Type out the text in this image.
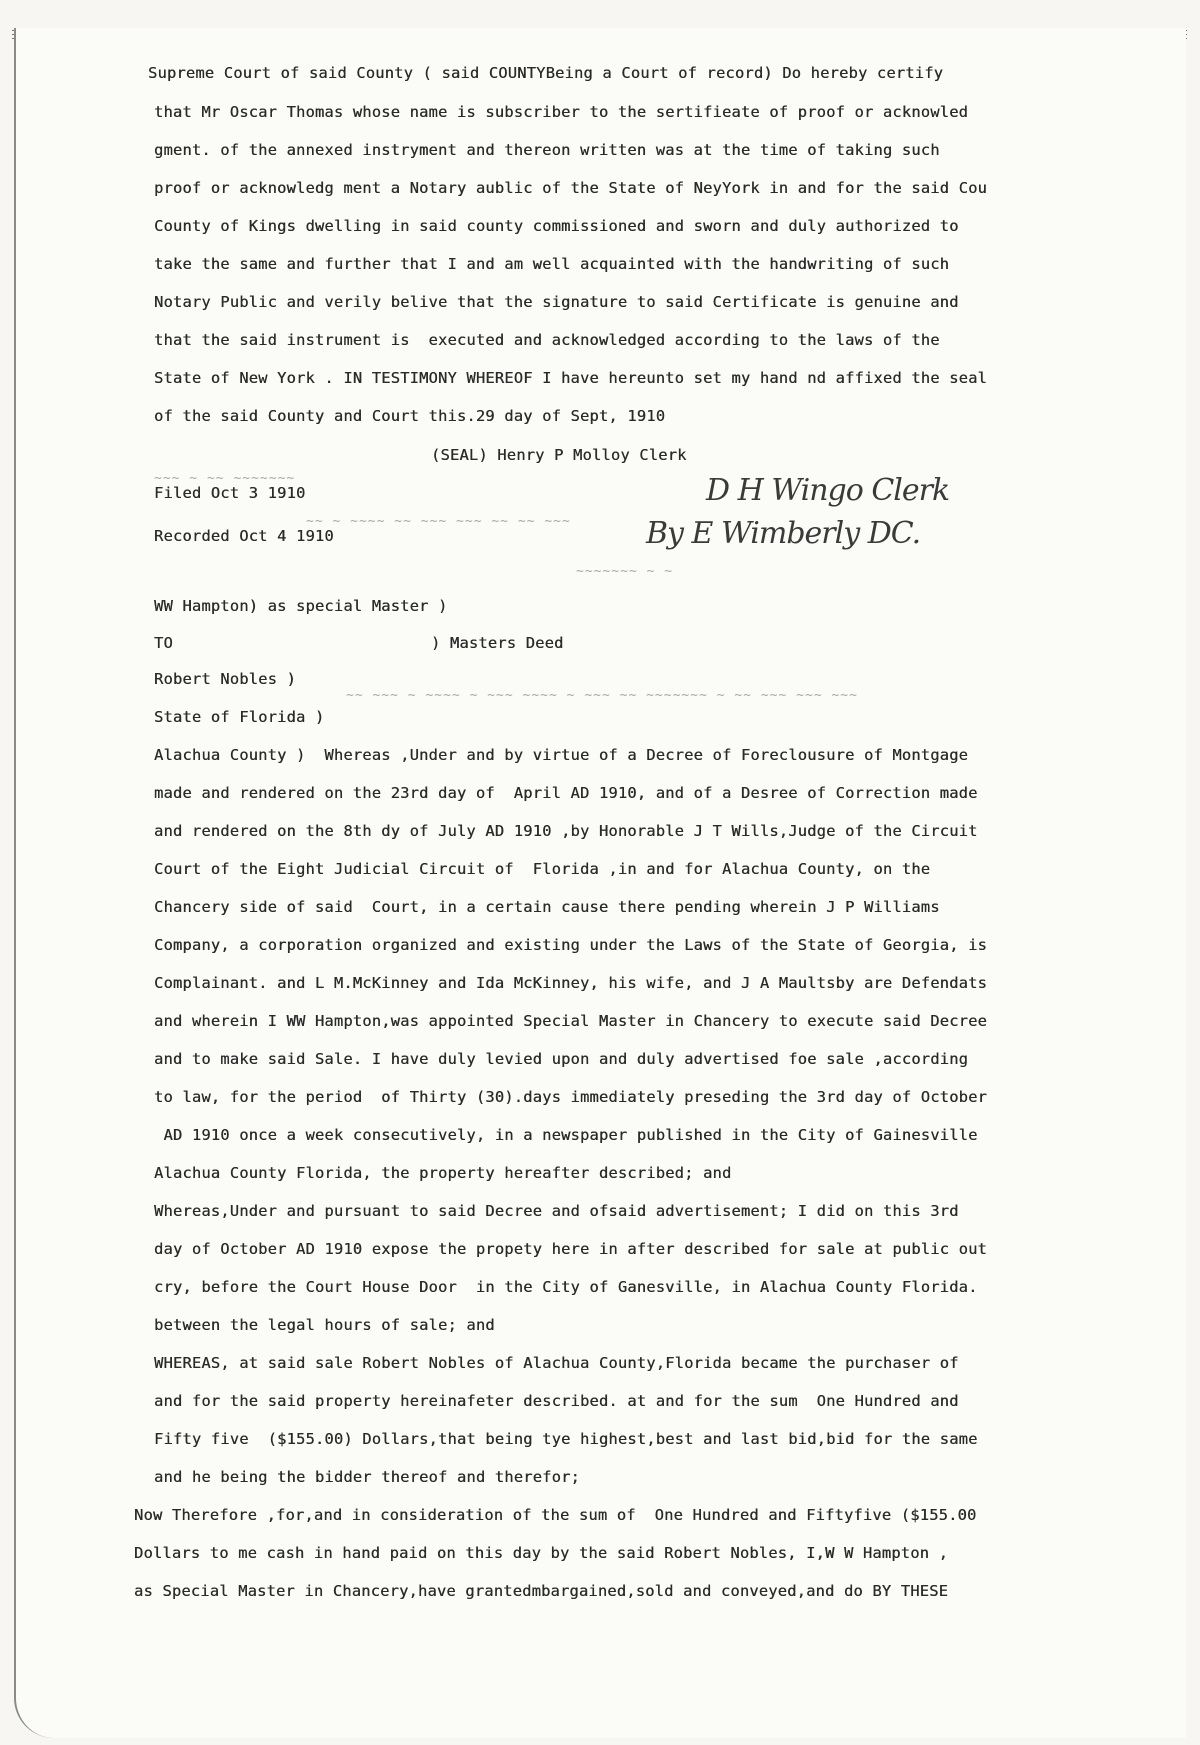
Supreme Court of said County ( said COUNTYBeing a Court of record) Do hereby certify
that Mr Oscar Thomas whose name is subscriber to the sertifieate of proof or acknowled
gment. of the annexed instryment and thereon written was at the time of taking such
proof or acknowledg ment a Notary aublic of the State of NeyYork in and for the said Cou
County of Kings dwelling in said county commissioned and sworn and duly authorized to
take the same and further that I and am well acquainted with the handwriting of such
Notary Public and verily belive that the signature to said Certificate is genuine and
that the said instrument is  executed and acknowledged according to the laws of the
State of New York . IN TESTIMONY WHEREOF I have hereunto set my hand nd affixed the seal
of the said County and Court this.29 day of Sept, 1910
~~~ ~ ~~ ~~~~~~~
~~ ~ ~~~~ ~~ ~~~ ~~~ ~~ ~~ ~~~
~~~~~~~ ~ ~
~~ ~~~ ~ ~~~~ ~ ~~~ ~~~~ ~ ~~~ ~~ ~~~~~~~ ~ ~~ ~~~ ~~~ ~~~
(SEAL) Henry P Molloy Clerk
Filed Oct 3 1910
Recorded Oct 4 1910
D H Wingo Clerk
By E Wimberly DC.
WW Hampton) as special Master )
TO	) Masters Deed
Robert Nobles )
State of Florida )
Alachua County )  Whereas ,Under and by virtue of a Decree of Foreclousure of Montgage
made and rendered on the 23rd day of  April AD 1910, and of a Desree of Correction made
and rendered on the 8th dy of July AD 1910 ,by Honorable J T Wills,Judge of the Circuit
Court of the Eight Judicial Circuit of  Florida ,in and for Alachua County, on the
Chancery side of said  Court, in a certain cause there pending wherein J P Williams
Company, a corporation organized and existing under the Laws of the State of Georgia, is
Complainant. and L M.McKinney and Ida McKinney, his wife, and J A Maultsby are Defendats
and wherein I WW Hampton,was appointed Special Master in Chancery to execute said Decree
and to make said Sale. I have duly levied upon and duly advertised foe sale ,according
to law, for the period  of Thirty (30).days immediately preseding the 3rd day of October
AD 1910 once a week consecutively, in a newspaper published in the City of Gainesville
Alachua County Florida, the property hereafter described; and
Whereas,Under and pursuant to said Decree and ofsaid advertisement; I did on this 3rd
day of October AD 1910 expose the propety here in after described for sale at public out
cry, before the Court House Door  in the City of Ganesville, in Alachua County Florida.
between the legal hours of sale; and
WHEREAS, at said sale Robert Nobles of Alachua County,Florida became the purchaser of
and for the said property hereinafeter described. at and for the sum  One Hundred and
Fifty five  ($155.00) Dollars,that being tye highest,best and last bid,bid for the same
and he being the bidder thereof and therefor;
Now Therefore ,for,and in consideration of the sum of  One Hundred and Fiftyfive ($155.00
Dollars to me cash in hand paid on this day by the said Robert Nobles, I,W W Hampton ,
as Special Master in Chancery,have grantedmbargained,sold and conveyed,and do BY THESE
